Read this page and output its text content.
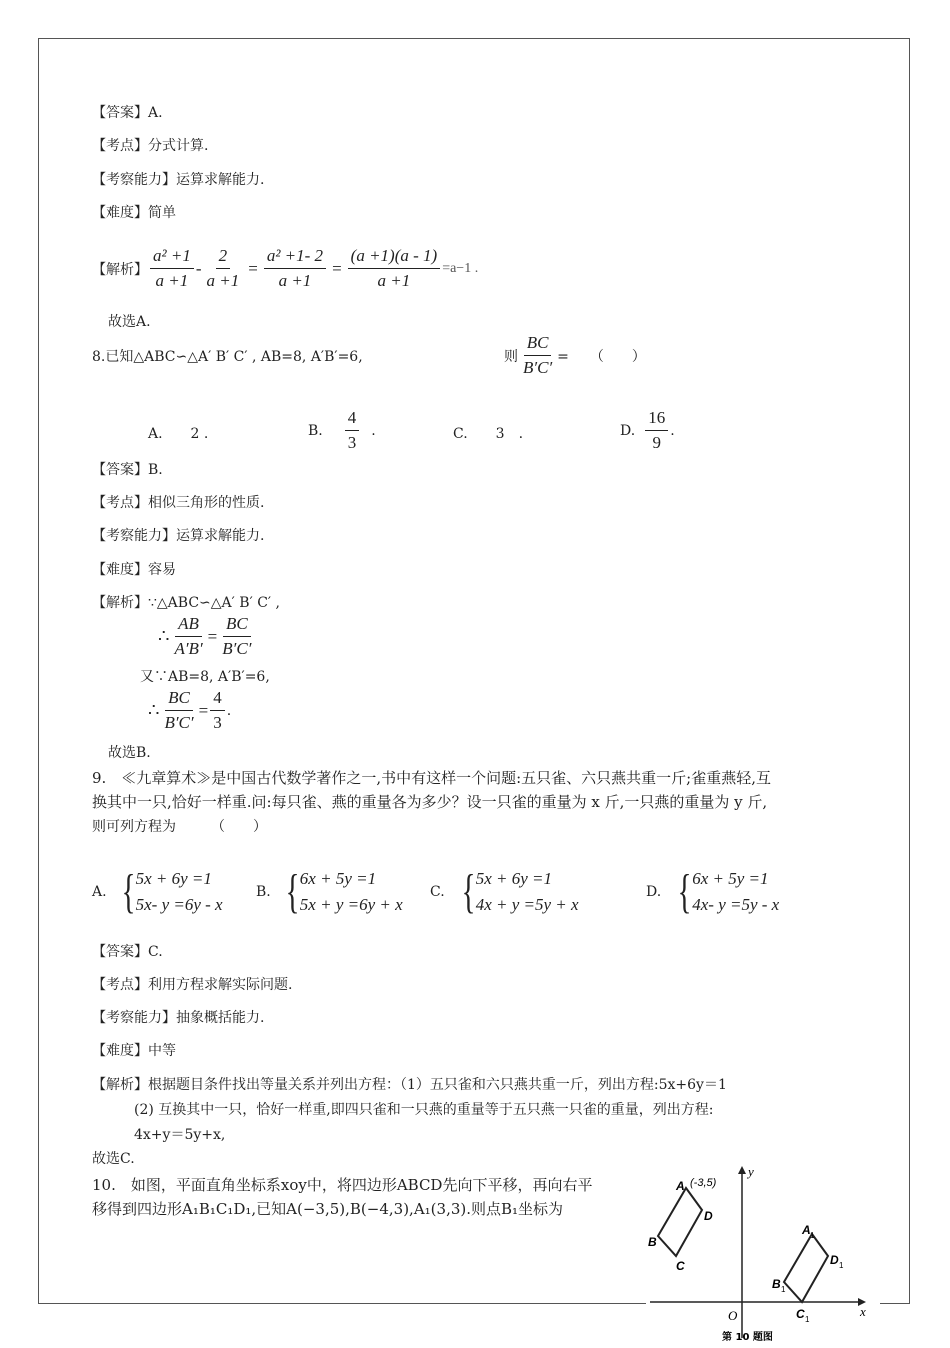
【答案】A.
【考点】分式计算.
【考察能力】运算求解能力.
【难度】简单
【解析】 $\frac{\text{a² +1}}{a +1} - \frac{2}{a +1} = \frac{\text{a² +1- 2}}{a +1} = \frac{(a +1)(a - 1)}{a +1} =a-1$ .
故选A.
8.已知△ABC∽△A′ B′ C′ , AB=8, A′B′=6,	则 $\frac{BC}{B'C'}$ =　　（　　）
A.　　2 .	B. $\frac{4}{3}$ .	C.　　3　.	D. $\frac{16}{9}$ .
【答案】B.
【考点】相似三角形的性质.
【考察能力】运算求解能力.
【难度】容易
【解析】∵△ABC∽△A′ B′ C′ ,
∴ $\frac{AB}{A'B'} = \frac{BC}{B'C'}$
又∵AB=8, A′B′=6,
∴ $\frac{BC}{B'C'} = \frac{4}{3}$ .
故选B.
9.　≪九章算术≫是中国古代数学著作之一,书中有这样一个问题:五只雀、六只燕共重一斤;雀重燕轻,互
换其中一只,恰好一样重.问:每只雀、燕的重量各为多少？设一只雀的重量为 x 斤,一只燕的重量为 y 斤,
则可列方程为　　　（　　）
A. { 5x + 6y =1
5x- y =6y - x
B. { 6x + 5y =1
5x + y =6y + x
C. { 5x + 6y =1
4x + y =5y + x
D. { 6x + 5y =1
4x- y =5y - x
【答案】C.
【考点】利用方程求解实际问题.
【考察能力】抽象概括能力.
【难度】中等
【解析】根据题目条件找出等量关系并列出方程：（1）五只雀和六只燕共重一斤，列出方程:5x+6y＝1
(2) 互换其中一只，恰好一样重,即四只雀和一只燕的重量等于五只燕一只雀的重量，列出方程:
4x+y＝5y+x,
故选C.
10.　如图，平面直角坐标系xoy中，将四边形ABCD先向下平移，再向右平
移得到四边形A₁B₁C₁D₁,已知A(−3,5),B(−4,3),A₁(3,3).则点B₁坐标为
x
y
O
A
D
B
C
(-3,5)
A 1
D 1
B 1
C 1
第 10 题图
